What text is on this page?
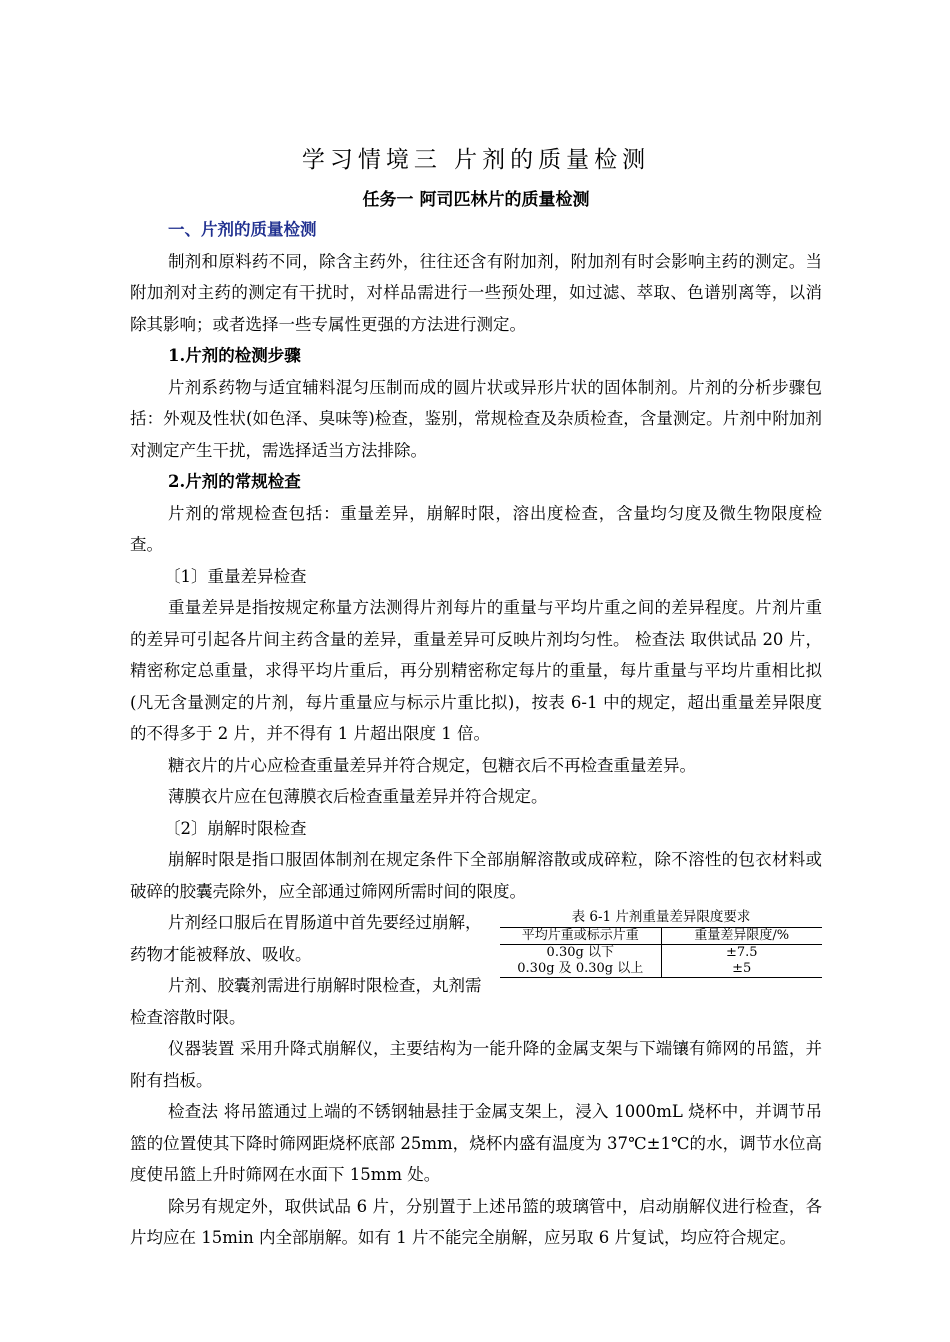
学习情境三 片剂的质量检测
任务一 阿司匹林片的质量检测
一、片剂的质量检测

制剂和原料药不同，除含主药外，往往还含有附加剂，附加剂有时会影响主药的测定。当附加剂对主药的测定有干扰时，对样品需进行一些预处理，如过滤、萃取、色谱别离等，以消除其影响；或者选择一些专属性更强的方法进行测定。

1.片剂的检测步骤

片剂系药物与适宜辅料混匀压制而成的圆片状或异形片状的固体制剂。片剂的分析步骤包括：外观及性状(如色泽、臭味等)检查，鉴别，常规检查及杂质检查，含量测定。片剂中附加剂对测定产生干扰，需选择适当方法排除。

2.片剂的常规检查

片剂的常规检查包括：重量差异，崩解时限，溶出度检查，含量均匀度及微生物限度检查。

〔1〕重量差异检查

重量差异是指按规定称量方法测得片剂每片的重量与平均片重之间的差异程度。片剂片重的差异可引起各片间主药含量的差异，重量差异可反映片剂均匀性。 检查法 取供试品 20 片，精密称定总重量，求得平均片重后，再分别精密称定每片的重量，每片重量与平均片重相比拟 (凡无含量测定的片剂，每片重量应与标示片重比拟)，按表 6-1 中的规定，超出重量差异限度的不得多于 2 片，并不得有 1 片超出限度 1 倍。

糖衣片的片心应检查重量差异并符合规定，包糖衣后不再检查重量差异。

薄膜衣片应在包薄膜衣后检查重量差异并符合规定。

〔2〕崩解时限检查

崩解时限是指口服固体制剂在规定条件下全部崩解溶散或成碎粒，除不溶性的包衣材料或破碎的胶囊壳除外，应全部通过筛网所需时间的限度。

表 6-1 片剂重量差异限度要求
平均片重或标示片重	重量差异限度/%
0.30g 以下	±7.5
0.30g 及 0.30g 以上	±5

片剂经口服后在胃肠道中首先要经过崩解，药物才能被释放、吸收。

片剂、胶囊剂需进行崩解时限检查，丸剂需检查溶散时限。

仪器装置 采用升降式崩解仪，主要结构为一能升降的金属支架与下端镶有筛网的吊篮，并附有挡板。

检查法 将吊篮通过上端的不锈钢轴悬挂于金属支架上，浸入 1000mL 烧杯中，并调节吊篮的位置使其下降时筛网距烧杯底部 25mm，烧杯内盛有温度为 37℃±1℃的水，调节水位高度使吊篮上升时筛网在水面下 15mm 处。

除另有规定外，取供试品 6 片，分别置于上述吊篮的玻璃管中，启动崩解仪进行检查，各片均应在 15min 内全部崩解。如有 1 片不能完全崩解，应另取 6 片复试，均应符合规定。
